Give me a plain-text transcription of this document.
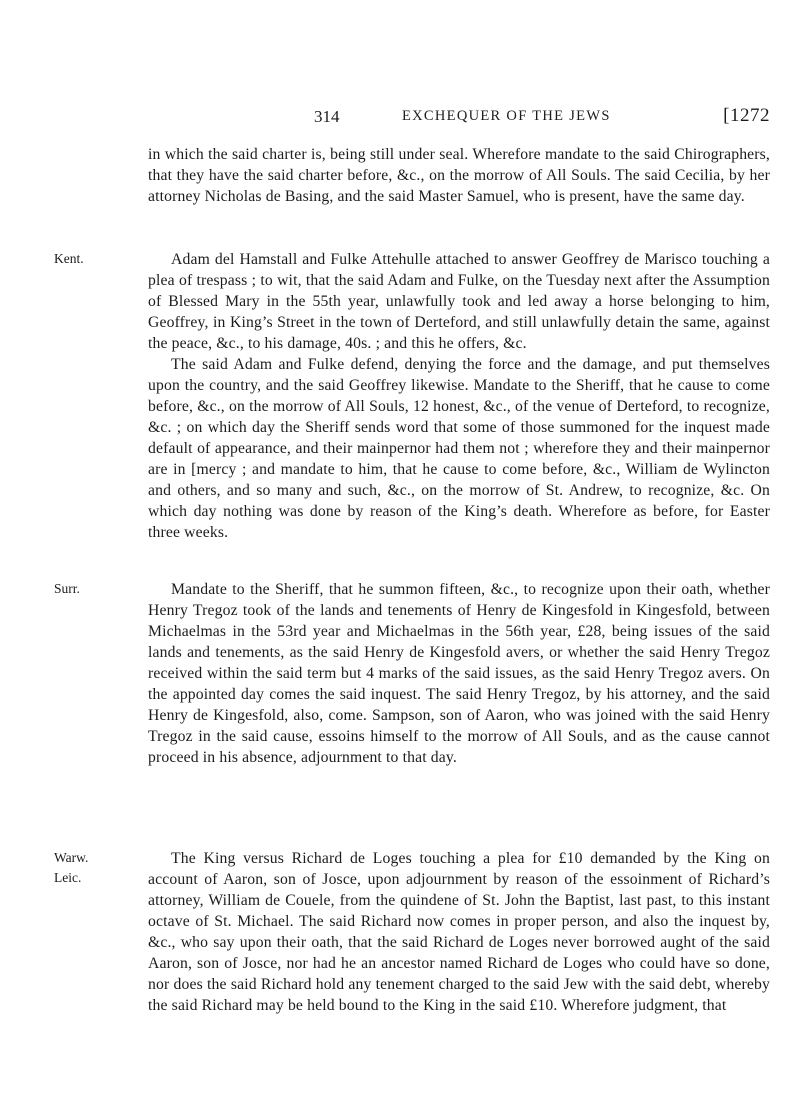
314	EXCHEQUER OF THE JEWS	[1272

in which the said charter is, being still under seal. Wherefore mandate to the said Chirographers, that they have the said charter before, &c., on the morrow of All Souls. The said Cecilia, by her attorney Nicholas de Basing, and the said Master Samuel, who is present, have the same day.

Kent.	Adam del Hamstall and Fulke Attehulle attached to answer Geoffrey de Marisco touching a plea of trespass ; to wit, that the said Adam and Fulke, on the Tuesday next after the Assumption of Blessed Mary in the 55th year, unlawfully took and led away a horse belonging to him, Geoffrey, in King’s Street in the town of Derteford, and still unlawfully detain the same, against the peace, &c., to his damage, 40s. ; and this he offers, &c.

The said Adam and Fulke defend, denying the force and the damage, and put themselves upon the country, and the said Geoffrey likewise. Mandate to the Sheriff, that he cause to come before, &c., on the morrow of All Souls, 12 honest, &c., of the venue of Derteford, to recognize, &c. ; on which day the Sheriff sends word that some of those summoned for the inquest made default of appearance, and their mainpernor had them not ; wherefore they and their mainpernor are in [mercy ; and mandate to him, that he cause to come before, &c., William de Wylincton and others, and so many and such, &c., on the morrow of St. Andrew, to recognize, &c. On which day nothing was done by reason of the King’s death. Wherefore as before, for Easter three weeks.

Surr.	Mandate to the Sheriff, that he summon fifteen, &c., to recognize upon their oath, whether Henry Tregoz took of the lands and tenements of Henry de Kingesfold in Kingesfold, between Michaelmas in the 53rd year and Michaelmas in the 56th year, £28, being issues of the said lands and tenements, as the said Henry de Kingesfold avers, or whether the said Henry Tregoz received within the said term but 4 marks of the said issues, as the said Henry Tregoz avers. On the appointed day comes the said inquest. The said Henry Tregoz, by his attorney, and the said Henry de Kingesfold, also, come. Sampson, son of Aaron, who was joined with the said Henry Tregoz in the said cause, essoins himself to the morrow of All Souls, and as the cause cannot proceed in his absence, adjournment to that day.

Warw.
Leic.

The King versus Richard de Loges touching a plea for £10 demanded by the King on account of Aaron, son of Josce, upon adjournment by reason of the essoinment of Richard’s attorney, William de Couele, from the quindene of St. John the Baptist, last past, to this instant octave of St. Michael. The said Richard now comes in proper person, and also the inquest by, &c., who say upon their oath, that the said Richard de Loges never borrowed aught of the said Aaron, son of Josce, nor had he an ancestor named Richard de Loges who could have so done, nor does the said Richard hold any tenement charged to the said Jew with the said debt, whereby the said Richard may be held bound to the King in the said £10. Wherefore judgment, that
